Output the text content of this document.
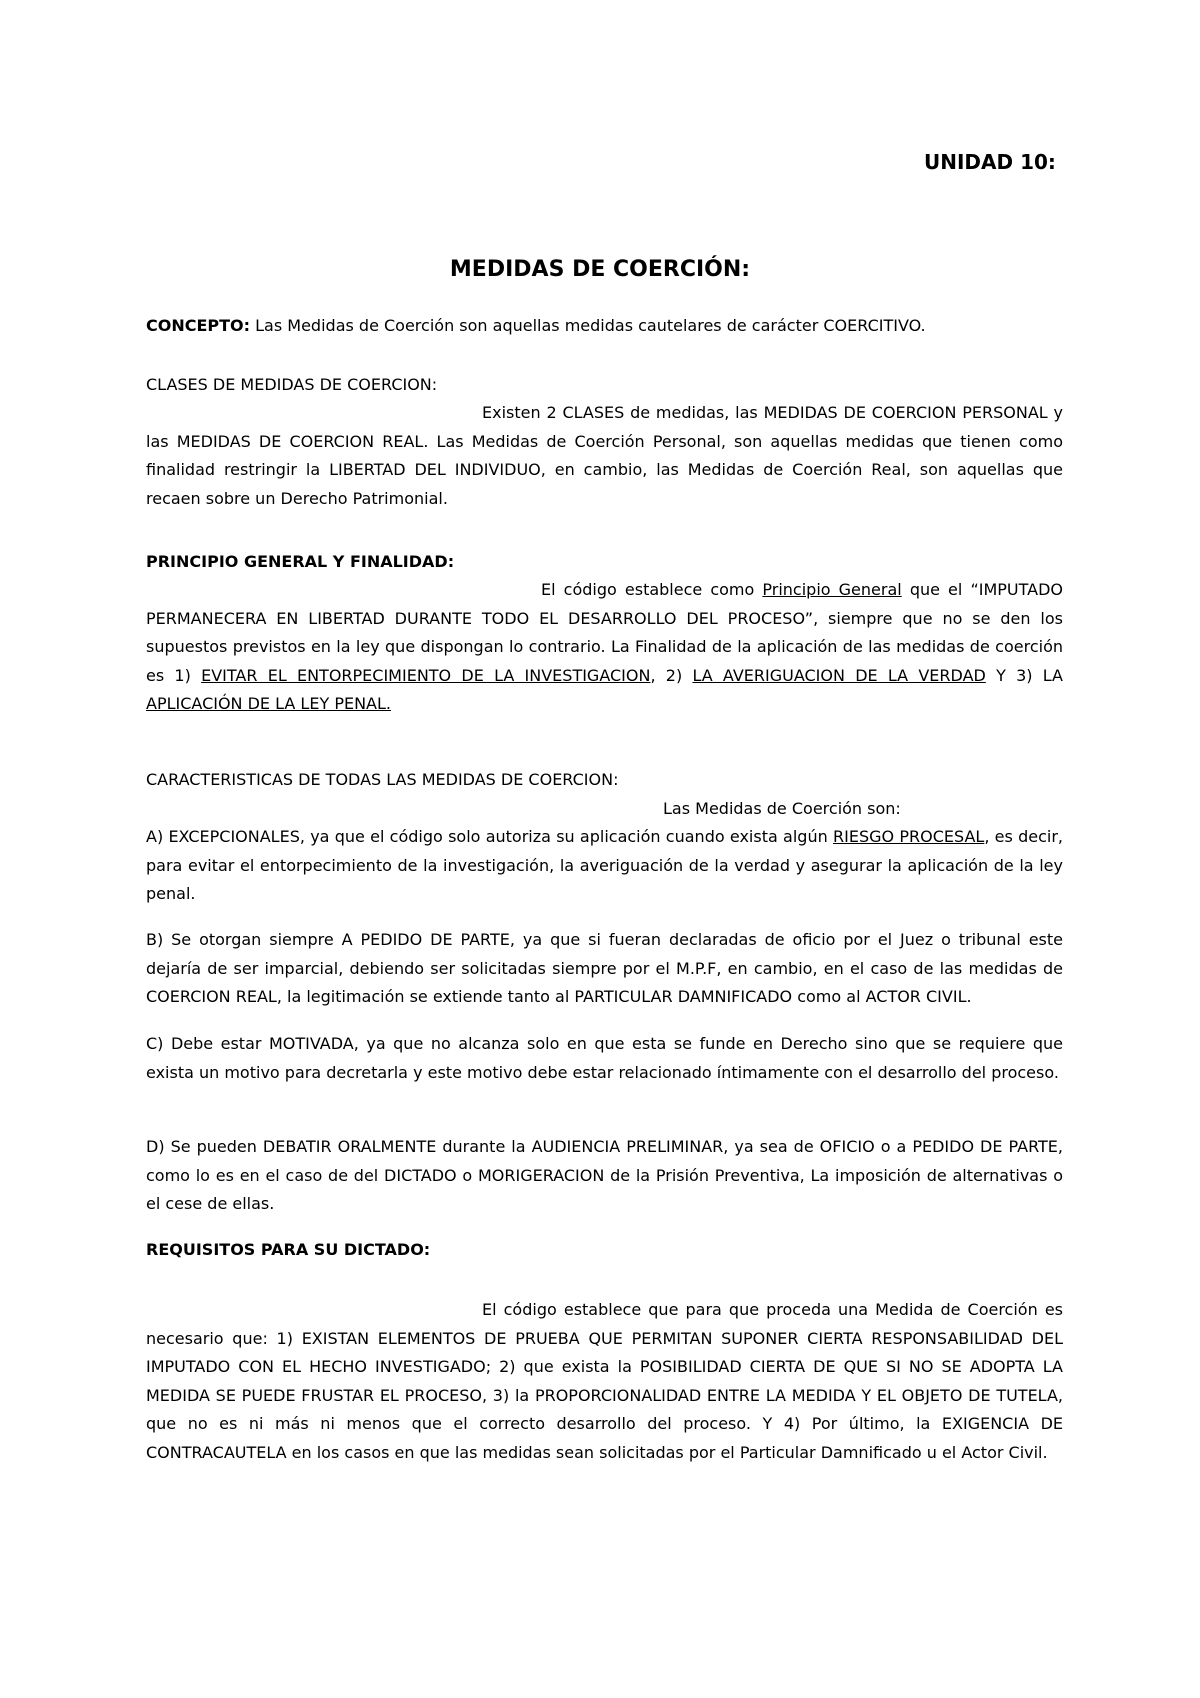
UNIDAD 10:
MEDIDAS DE COERCIÓN:

CONCEPTO: Las Medidas de Coerción son aquellas medidas cautelares de carácter COERCITIVO.

CLASES DE MEDIDAS DE COERCION:

Existen 2 CLASES de medidas, las MEDIDAS DE COERCION PERSONAL y las MEDIDAS DE COERCION REAL. Las Medidas de Coerción Personal, son aquellas medidas que tienen como finalidad restringir la LIBERTAD DEL INDIVIDUO, en cambio, las Medidas de Coerción Real, son aquellas que recaen sobre un Derecho Patrimonial.

PRINCIPIO GENERAL Y FINALIDAD:

El código establece como Principio General que el “IMPUTADO PERMANECERA EN LIBERTAD DURANTE TODO EL DESARROLLO DEL PROCESO”, siempre que no se den los supuestos previstos en la ley que dispongan lo contrario. La Finalidad de la aplicación de las medidas de coerción es 1) EVITAR EL ENTORPECIMIENTO DE LA INVESTIGACION, 2) LA AVERIGUACION DE LA VERDAD Y 3) LA APLICACIÓN DE LA LEY PENAL.

CARACTERISTICAS DE TODAS LAS MEDIDAS DE COERCION:
Las Medidas de Coerción son:

A) EXCEPCIONALES, ya que el código solo autoriza su aplicación cuando exista algún RIESGO PROCESAL, es decir, para evitar el entorpecimiento de la investigación, la averiguación de la verdad y asegurar la aplicación de la ley penal.

B) Se otorgan siempre A PEDIDO DE PARTE, ya que si fueran declaradas de oficio por el Juez o tribunal este dejaría de ser imparcial, debiendo ser solicitadas siempre por el M.P.F, en cambio, en el caso de las medidas de COERCION REAL, la legitimación se extiende tanto al PARTICULAR DAMNIFICADO como al ACTOR CIVIL.

C) Debe estar MOTIVADA, ya que no alcanza solo en que esta se funde en Derecho sino que se requiere que exista un motivo para decretarla y este motivo debe estar relacionado íntimamente con el desarrollo del proceso.

D) Se pueden DEBATIR ORALMENTE durante la AUDIENCIA PRELIMINAR, ya sea de OFICIO o a PEDIDO DE PARTE, como lo es en el caso de del DICTADO o MORIGERACION de la Prisión Preventiva, La imposición de alternativas o el cese de ellas.

REQUISITOS PARA SU DICTADO:

El código establece que para que proceda una Medida de Coerción es necesario que: 1) EXISTAN ELEMENTOS DE PRUEBA QUE PERMITAN SUPONER CIERTA RESPONSABILIDAD DEL IMPUTADO CON EL HECHO INVESTIGADO; 2) que exista la POSIBILIDAD CIERTA DE QUE SI NO SE ADOPTA LA MEDIDA SE PUEDE FRUSTAR EL PROCESO, 3) la PROPORCIONALIDAD ENTRE LA MEDIDA Y EL OBJETO DE TUTELA, que no es ni más ni menos que el correcto desarrollo del proceso. Y 4) Por último, la EXIGENCIA DE CONTRACAUTELA en los casos en que las medidas sean solicitadas por el Particular Damnificado u el Actor Civil.
